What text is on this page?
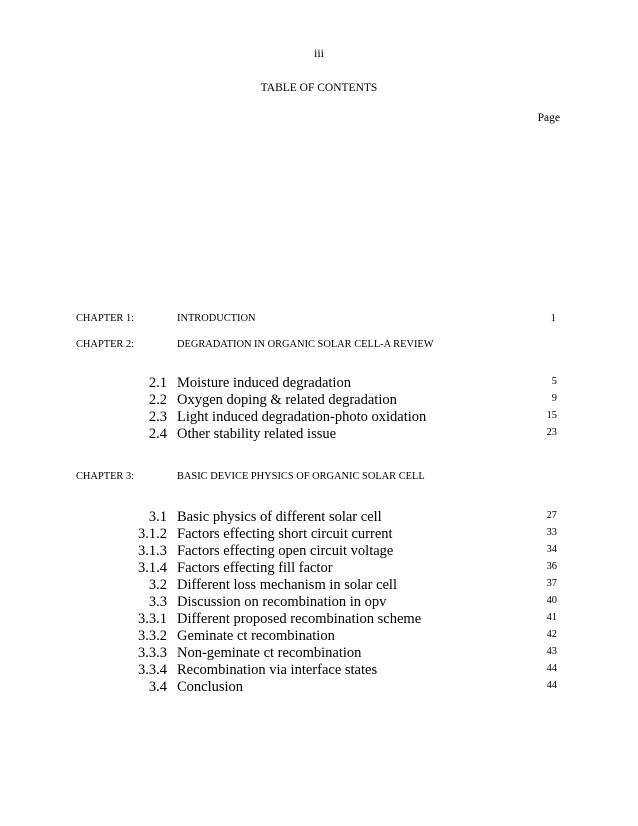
iii
TABLE OF CONTENTS
Page
CHAPTER 1:	INTRODUCTION	1
CHAPTER 2:	DEGRADATION IN ORGANIC SOLAR CELL-A REVIEW
2.1 Moisture induced degradation	5
2.2 Oxygen doping & related degradation	9
2.3 Light induced degradation-photo oxidation	15
2.4 Other stability related issue	23
CHAPTER 3:	BASIC DEVICE PHYSICS OF ORGANIC SOLAR CELL
3.1 Basic physics of different solar cell	27
3.1.2 Factors effecting short circuit current	33
3.1.3 Factors effecting open circuit voltage	34
3.1.4 Factors effecting fill factor	36
3.2 Different loss mechanism in solar cell	37
3.3 Discussion on recombination in opv	40
3.3.1 Different proposed recombination scheme	41
3.3.2 Geminate ct recombination	42
3.3.3 Non-geminate ct recombination	43
3.3.4 Recombination via interface states	44
3.4 Conclusion	44
